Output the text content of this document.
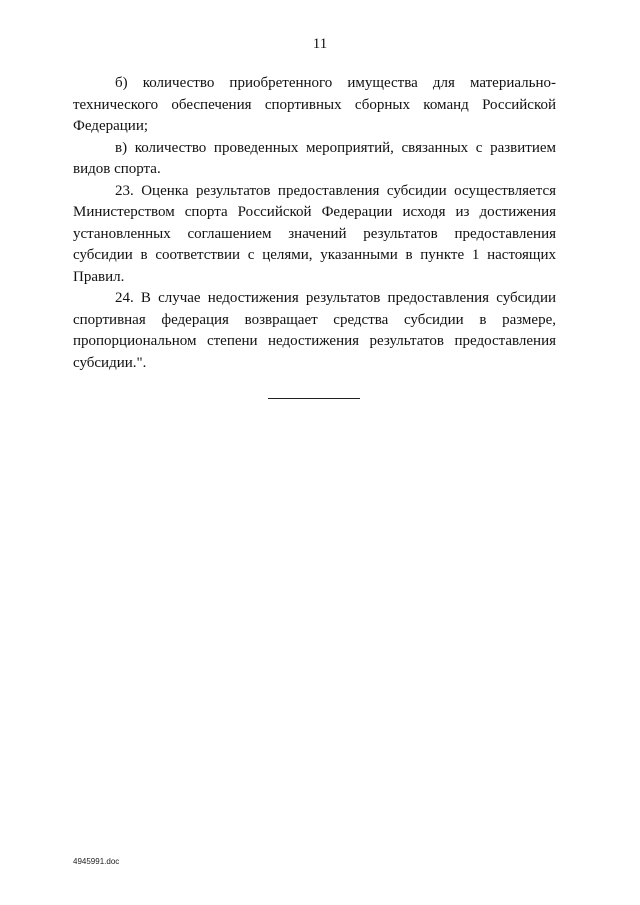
11

б) количество приобретенного имущества для материально-технического обеспечения спортивных сборных команд Российской Федерации;

в) количество проведенных мероприятий, связанных с развитием видов спорта.

23. Оценка результатов предоставления субсидии осуществляется Министерством спорта Российской Федерации исходя из достижения установленных соглашением значений результатов предоставления субсидии в соответствии с целями, указанными в пункте 1 настоящих Правил.

24. В случае недостижения результатов предоставления субсидии спортивная федерация возвращает средства субсидии в размере, пропорциональном степени недостижения результатов предоставления субсидии.".

4945991.doc
